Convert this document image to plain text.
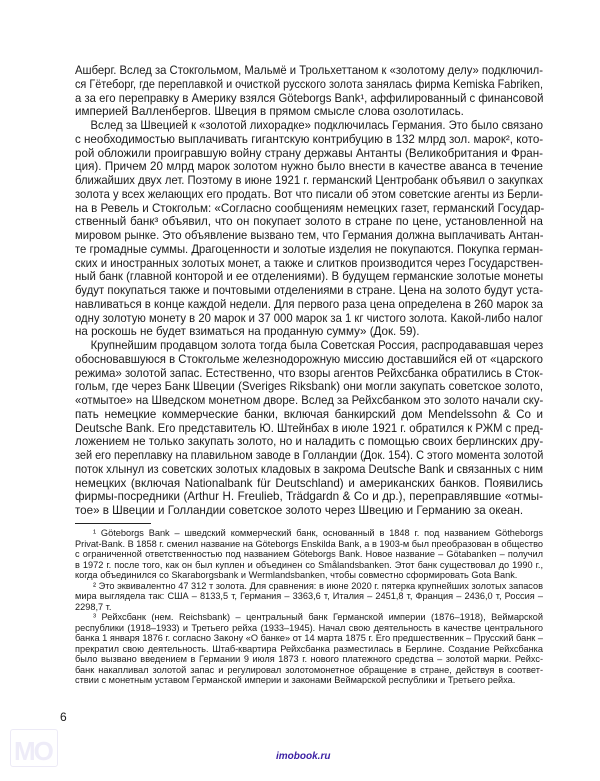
Ашберг. Вслед за Стокгольмом, Мальмё и Трольхеттаном к «золотому делу» подключил-
ся Гётеборг, где переплавкой и очисткой русского золота занялась фирма Kemiska Fabriken,
а за его переправку в Америку взялся Göteborgs Bank¹, аффилированный с финансовой
империей Валленбергов. Швеция в прямом смысле слова озолотилась.
Вслед за Швецией к «золотой лихорадке» подключилась Германия. Это было связано
с необходимостью выплачивать гигантскую контрибуцию в 132 млрд зол. марок², кото-
рой обложили проигравшую войну страну державы Антанты (Великобритания и Фран-
ция). Причем 20 млрд марок золотом нужно было внести в качестве аванса в течение
ближайших двух лет. Поэтому в июне 1921 г. германский Центробанк объявил о закупках
золота у всех желающих его продать. Вот что писали об этом советские агенты из Берли-
на в Ревель и Стокгольм: «Согласно сообщениям немецких газет, германский Государ-
ственный банк³ объявил, что он покупает золото в стране по цене, установленной на
мировом рынке. Это объявление вызвано тем, что Германия должна выплачивать Антан-
те громадные суммы. Драгоценности и золотые изделия не покупаются. Покупка герман-
ских и иностранных золотых монет, а также и слитков производится через Государствен-
ный банк (главной конторой и ее отделениями). В будущем германские золотые монеты
будут покупаться также и почтовыми отделениями в стране. Цена на золото будут уста-
навливаться в конце каждой недели. Для первого раза цена определена в 260 марок за
одну золотую монету в 20 марок и 37 000 марок за 1 кг чистого золота. Какой-либо налог
на роскошь не будет взиматься на проданную сумму» (Док. 59).
Крупнейшим продавцом золота тогда была Советская Россия, распродававшая через
обосновавшуюся в Стокгольме железнодорожную миссию доставшийся ей от «царского
режима» золотой запас. Естественно, что взоры агентов Рейхсбанка обратились в Сток-
гольм, где через Банк Швеции (Sveriges Riksbank) они могли закупать советское золото,
«отмытое» на Шведском монетном дворе. Вслед за Рейхсбанком это золото начали ску-
пать немецкие коммерческие банки, включая банкирский дом Mendelssohn & Co и
Deutsche Bank. Его представитель Ю. Штейнбах в июле 1921 г. обратился к РЖМ с пред-
ложением не только закупать золото, но и наладить с помощью своих берлинских дру-
зей его переплавку на плавильном заводе в Голландии (Док. 154). С этого момента золотой
поток хлынул из советских золотых кладовых в закрома Deutsche Bank и связанных с ним
немецких (включая Nationalbank für Deutschland) и американских банков. Появились
фирмы-посредники (Arthur H. Freulieb, Trädgardn & Co и др.), переправлявшие «отмы-
тое» в Швеции и Голландии советское золото через Швецию и Германию за океан.
¹ Göteborgs Bank – шведский коммерческий банк, основанный в 1848 г. под названием Götheborgs
Privat-Bank. В 1858 г. сменил название на Göteborgs Enskilda Bank, а в 1903-м был преобразован в общество
с ограниченной ответственностью под названием Göteborgs Bank. Новое название – Götabanken – получил
в 1972 г. после того, как он был куплен и объединен со Smålandsbanken. Этот банк существовал до 1990 г.,
когда объединился со Skaraborgsbank и Wermlandsbanken, чтобы совместно сформировать Gota Bank.
² Это эквивалентно 47 312 т золота. Для сравнения: в июне 2020 г. пятерка крупнейших золотых запасов
мира выглядела так: США – 8133,5 т, Германия – 3363,6 т, Италия – 2451,8 т, Франция – 2436,0 т, Россия –
2298,7 т.
³ Рейхсбанк (нем. Reichsbank) – центральный банк Германской империи (1876–1918), Веймарской
республики (1918–1933) и Третьего рейха (1933–1945). Начал свою деятельность в качестве центрального
банка 1 января 1876 г. согласно Закону «О банке» от 14 марта 1875 г. Его предшественник – Прусский банк –
прекратил свою деятельность. Штаб-квартира Рейхсбанка разместилась в Берлине. Создание Рейхсбанка
было вызвано введением в Германии 9 июля 1873 г. нового платежного средства – золотой марки. Рейхс-
банк накапливал золотой запас и регулировал золотомонетное обращение в стране, действуя в соответ-
ствии с монетным уставом Германской империи и законами Веймарской республики и Третьего рейха.
6
MO	imobook.ru
